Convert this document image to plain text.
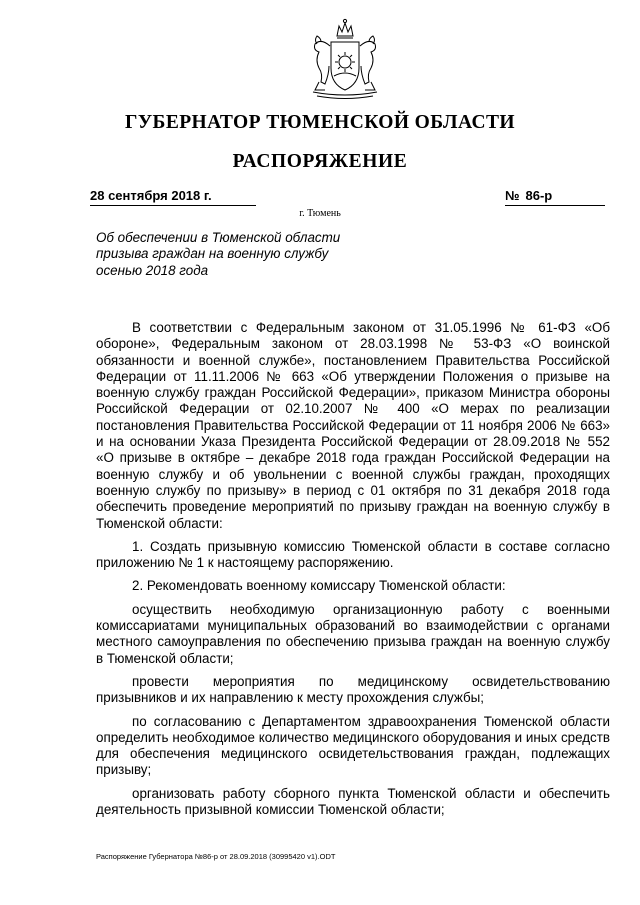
ГУБЕРНАТОР ТЮМЕНСКОЙ ОБЛАСТИ
РАСПОРЯЖЕНИЕ
28 сентября 2018 г.	№ 86-р
г. Тюмень

Об обеспечении в Тюменской области призыва граждан на военную службу осенью 2018 года

В соответствии с Федеральным законом от 31.05.1996 № 61-ФЗ «Об обороне», Федеральным законом от 28.03.1998 № 53-ФЗ «О воинской обязанности и военной службе», постановлением Правительства Российской Федерации от 11.11.2006 № 663 «Об утверждении Положения о призыве на военную службу граждан Российской Федерации», приказом Министра обороны Российской Федерации от 02.10.2007 № 400 «О мерах по реализации постановления Правительства Российской Федерации от 11 ноября 2006 № 663» и на основании Указа Президента Российской Федерации от 28.09.2018 № 552 «О призыве в октябре – декабре 2018 года граждан Российской Федерации на военную службу и об увольнении с военной службы граждан, проходящих военную службу по призыву» в период с 01 октября по 31 декабря 2018 года обеспечить проведение мероприятий по призыву граждан на военную службу в Тюменской области:

1. Создать призывную комиссию Тюменской области в составе согласно приложению № 1 к настоящему распоряжению.

2. Рекомендовать военному комиссару Тюменской области:

осуществить необходимую организационную работу с военными комиссариатами муниципальных образований во взаимодействии с органами местного самоуправления по обеспечению призыва граждан на военную службу в Тюменской области;

провести мероприятия по медицинскому освидетельствованию призывников и их направлению к месту прохождения службы;

по согласованию с Департаментом здравоохранения Тюменской области определить необходимое количество медицинского оборудования и иных средств для обеспечения медицинского освидетельствования граждан, подлежащих призыву;

организовать работу сборного пункта Тюменской области и обеспечить деятельность призывной комиссии Тюменской области;

Распоряжение Губернатора №86-р от 28.09.2018 (30995420 v1).ODT
